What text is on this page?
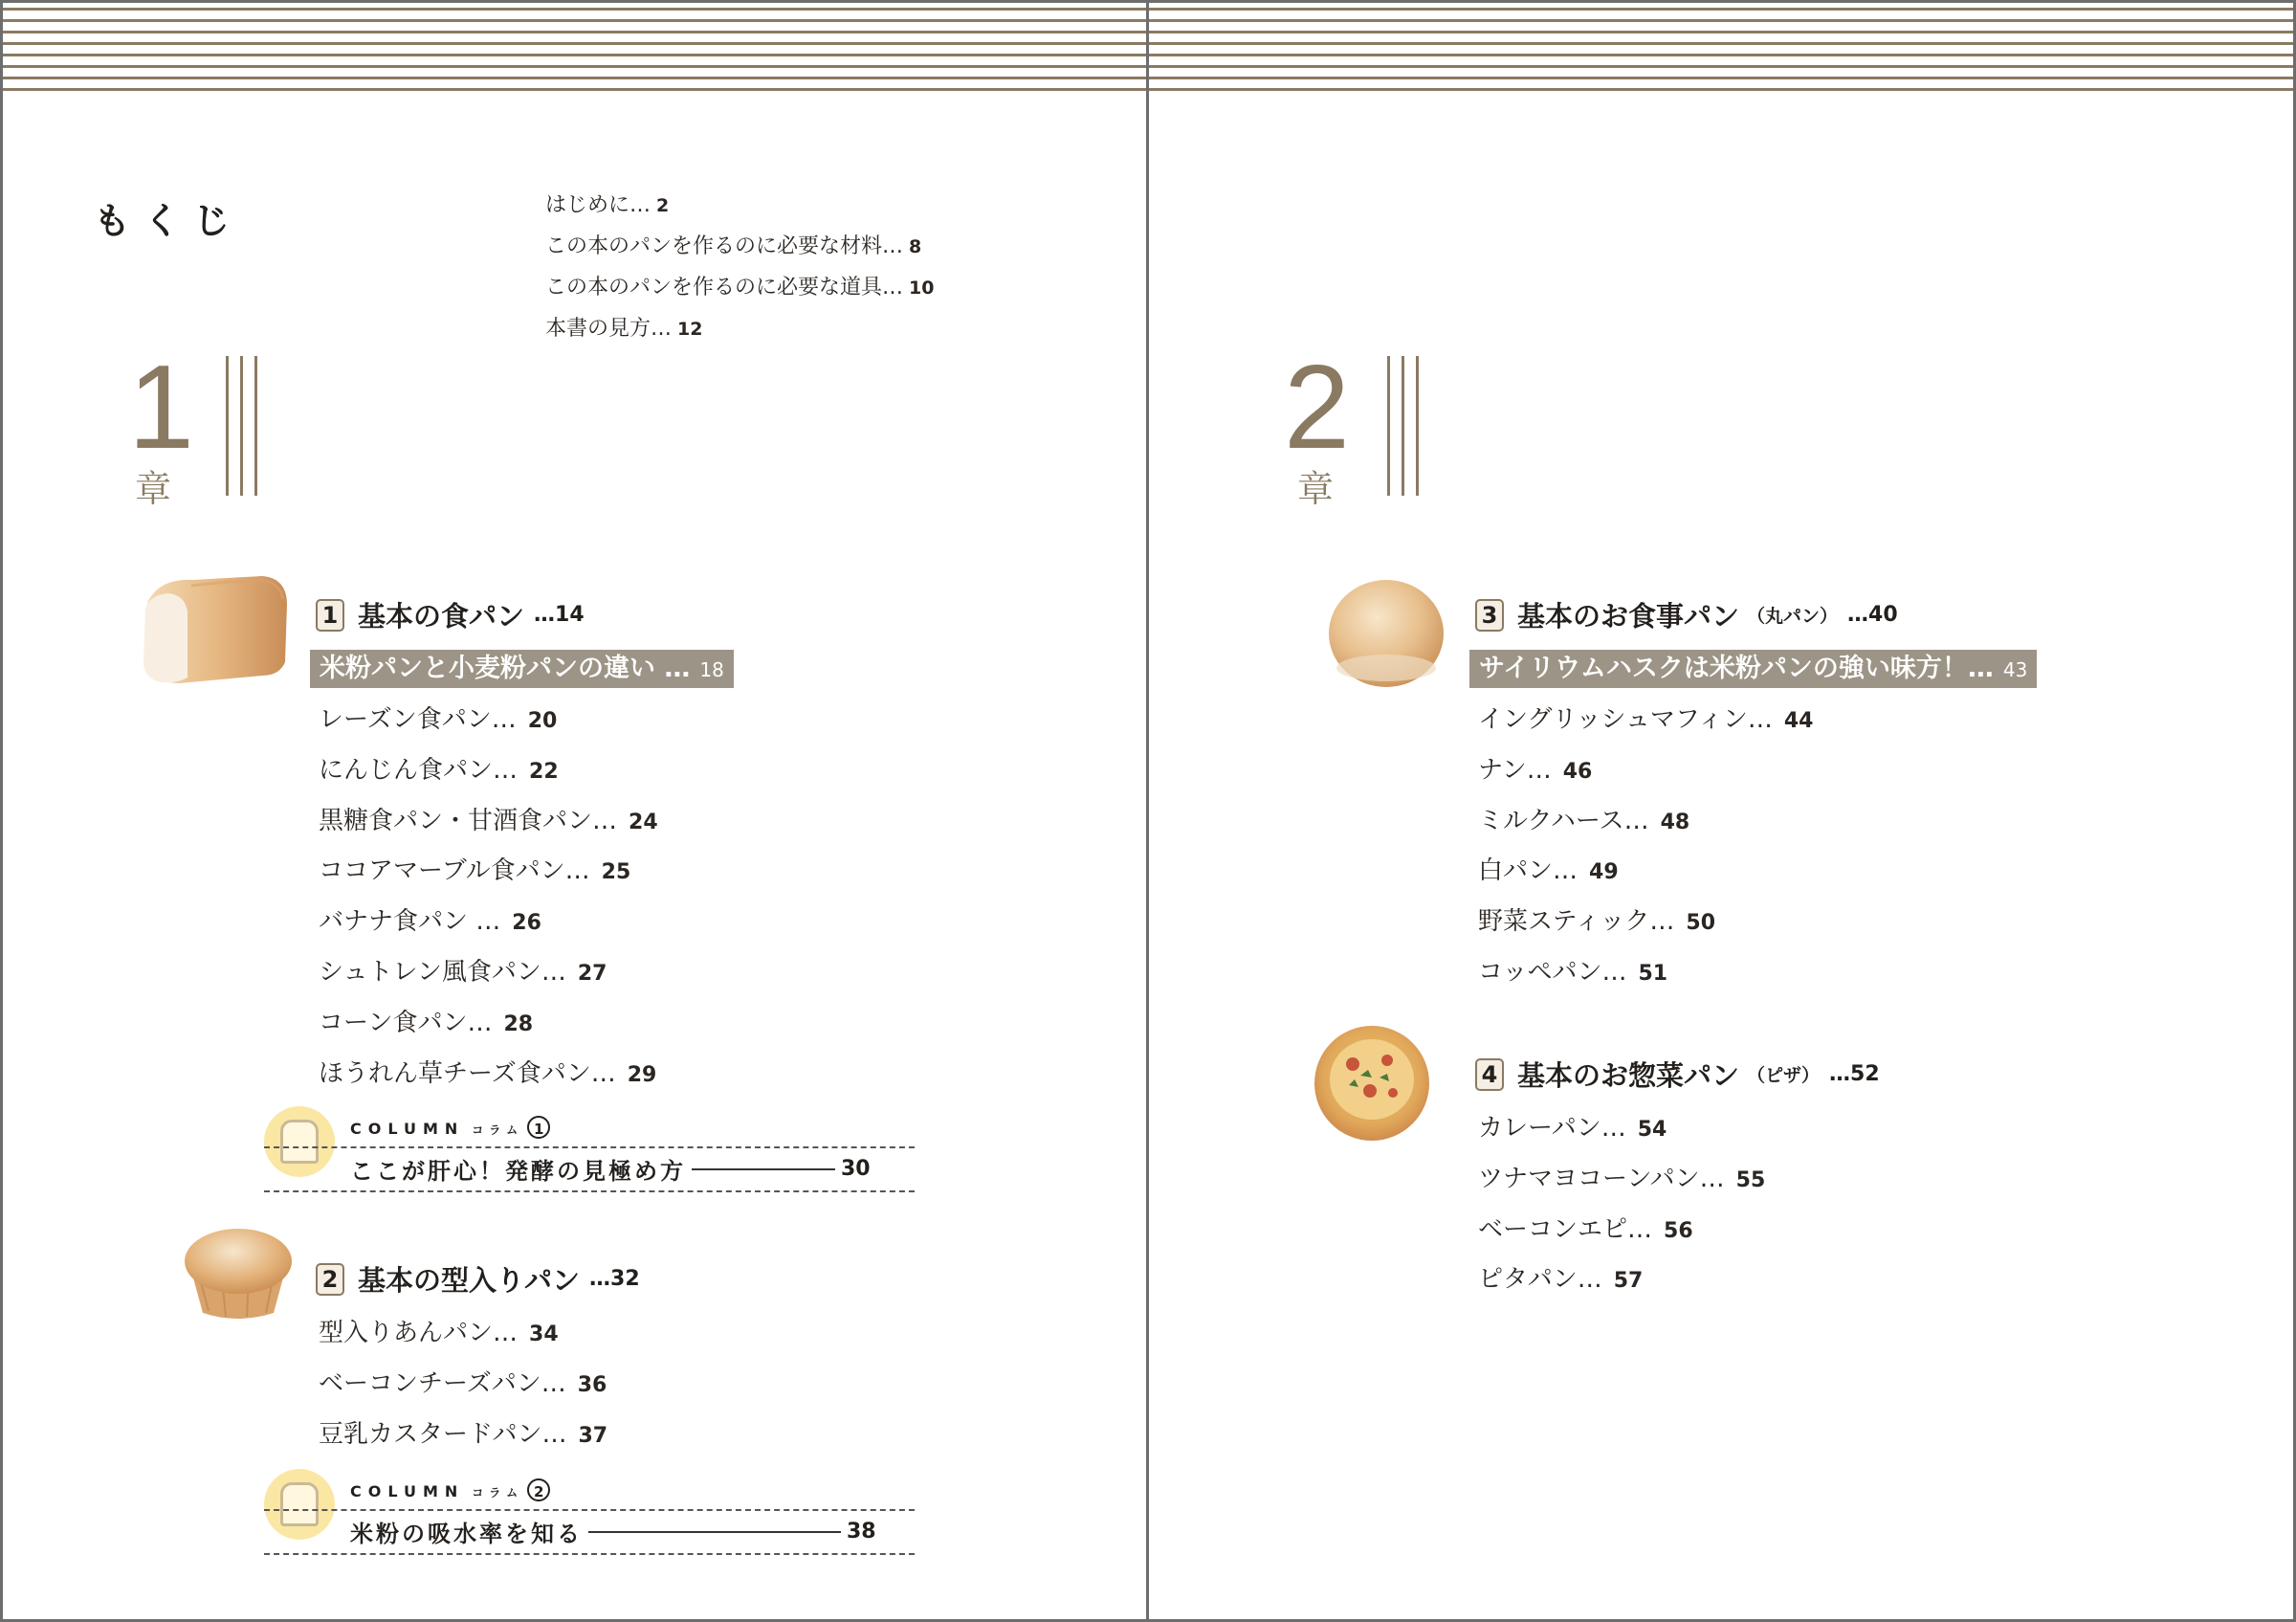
もくじ	はじめに… 2
この本のパンを作るのに必要な材料… 8
この本のパンを作るのに必要な道具… 10
本書の見方… 12
1
章
1 基本の食パン …14
米粉パンと小麦粉パンの違い … 18
レーズン食パン… 20
にんじん食パン… 22
黒糖食パン・甘酒食パン… 24
ココアマーブル食パン… 25
バナナ食パン … 26
シュトレン風食パン… 27
コーン食パン… 28
ほうれん草チーズ食パン… 29
COLUMN コラム 1
ここが肝心！発酵の見極め方	30
2 基本の型入りパン …32
型入りあんパン… 34
ベーコンチーズパン… 36
豆乳カスタードパン… 37
COLUMN コラム 2
米粉の吸水率を知る	38
2
章
3 基本のお食事パン （丸パン） …40
サイリウムハスクは米粉パンの強い味方！… 43
イングリッシュマフィン… 44
ナン… 46
ミルクハース… 48
白パン… 49
野菜スティック… 50
コッペパン… 51
4 基本のお惣菜パン （ピザ） …52
カレーパン… 54
ツナマヨコーンパン… 55
ベーコンエピ… 56
ピタパン… 57
